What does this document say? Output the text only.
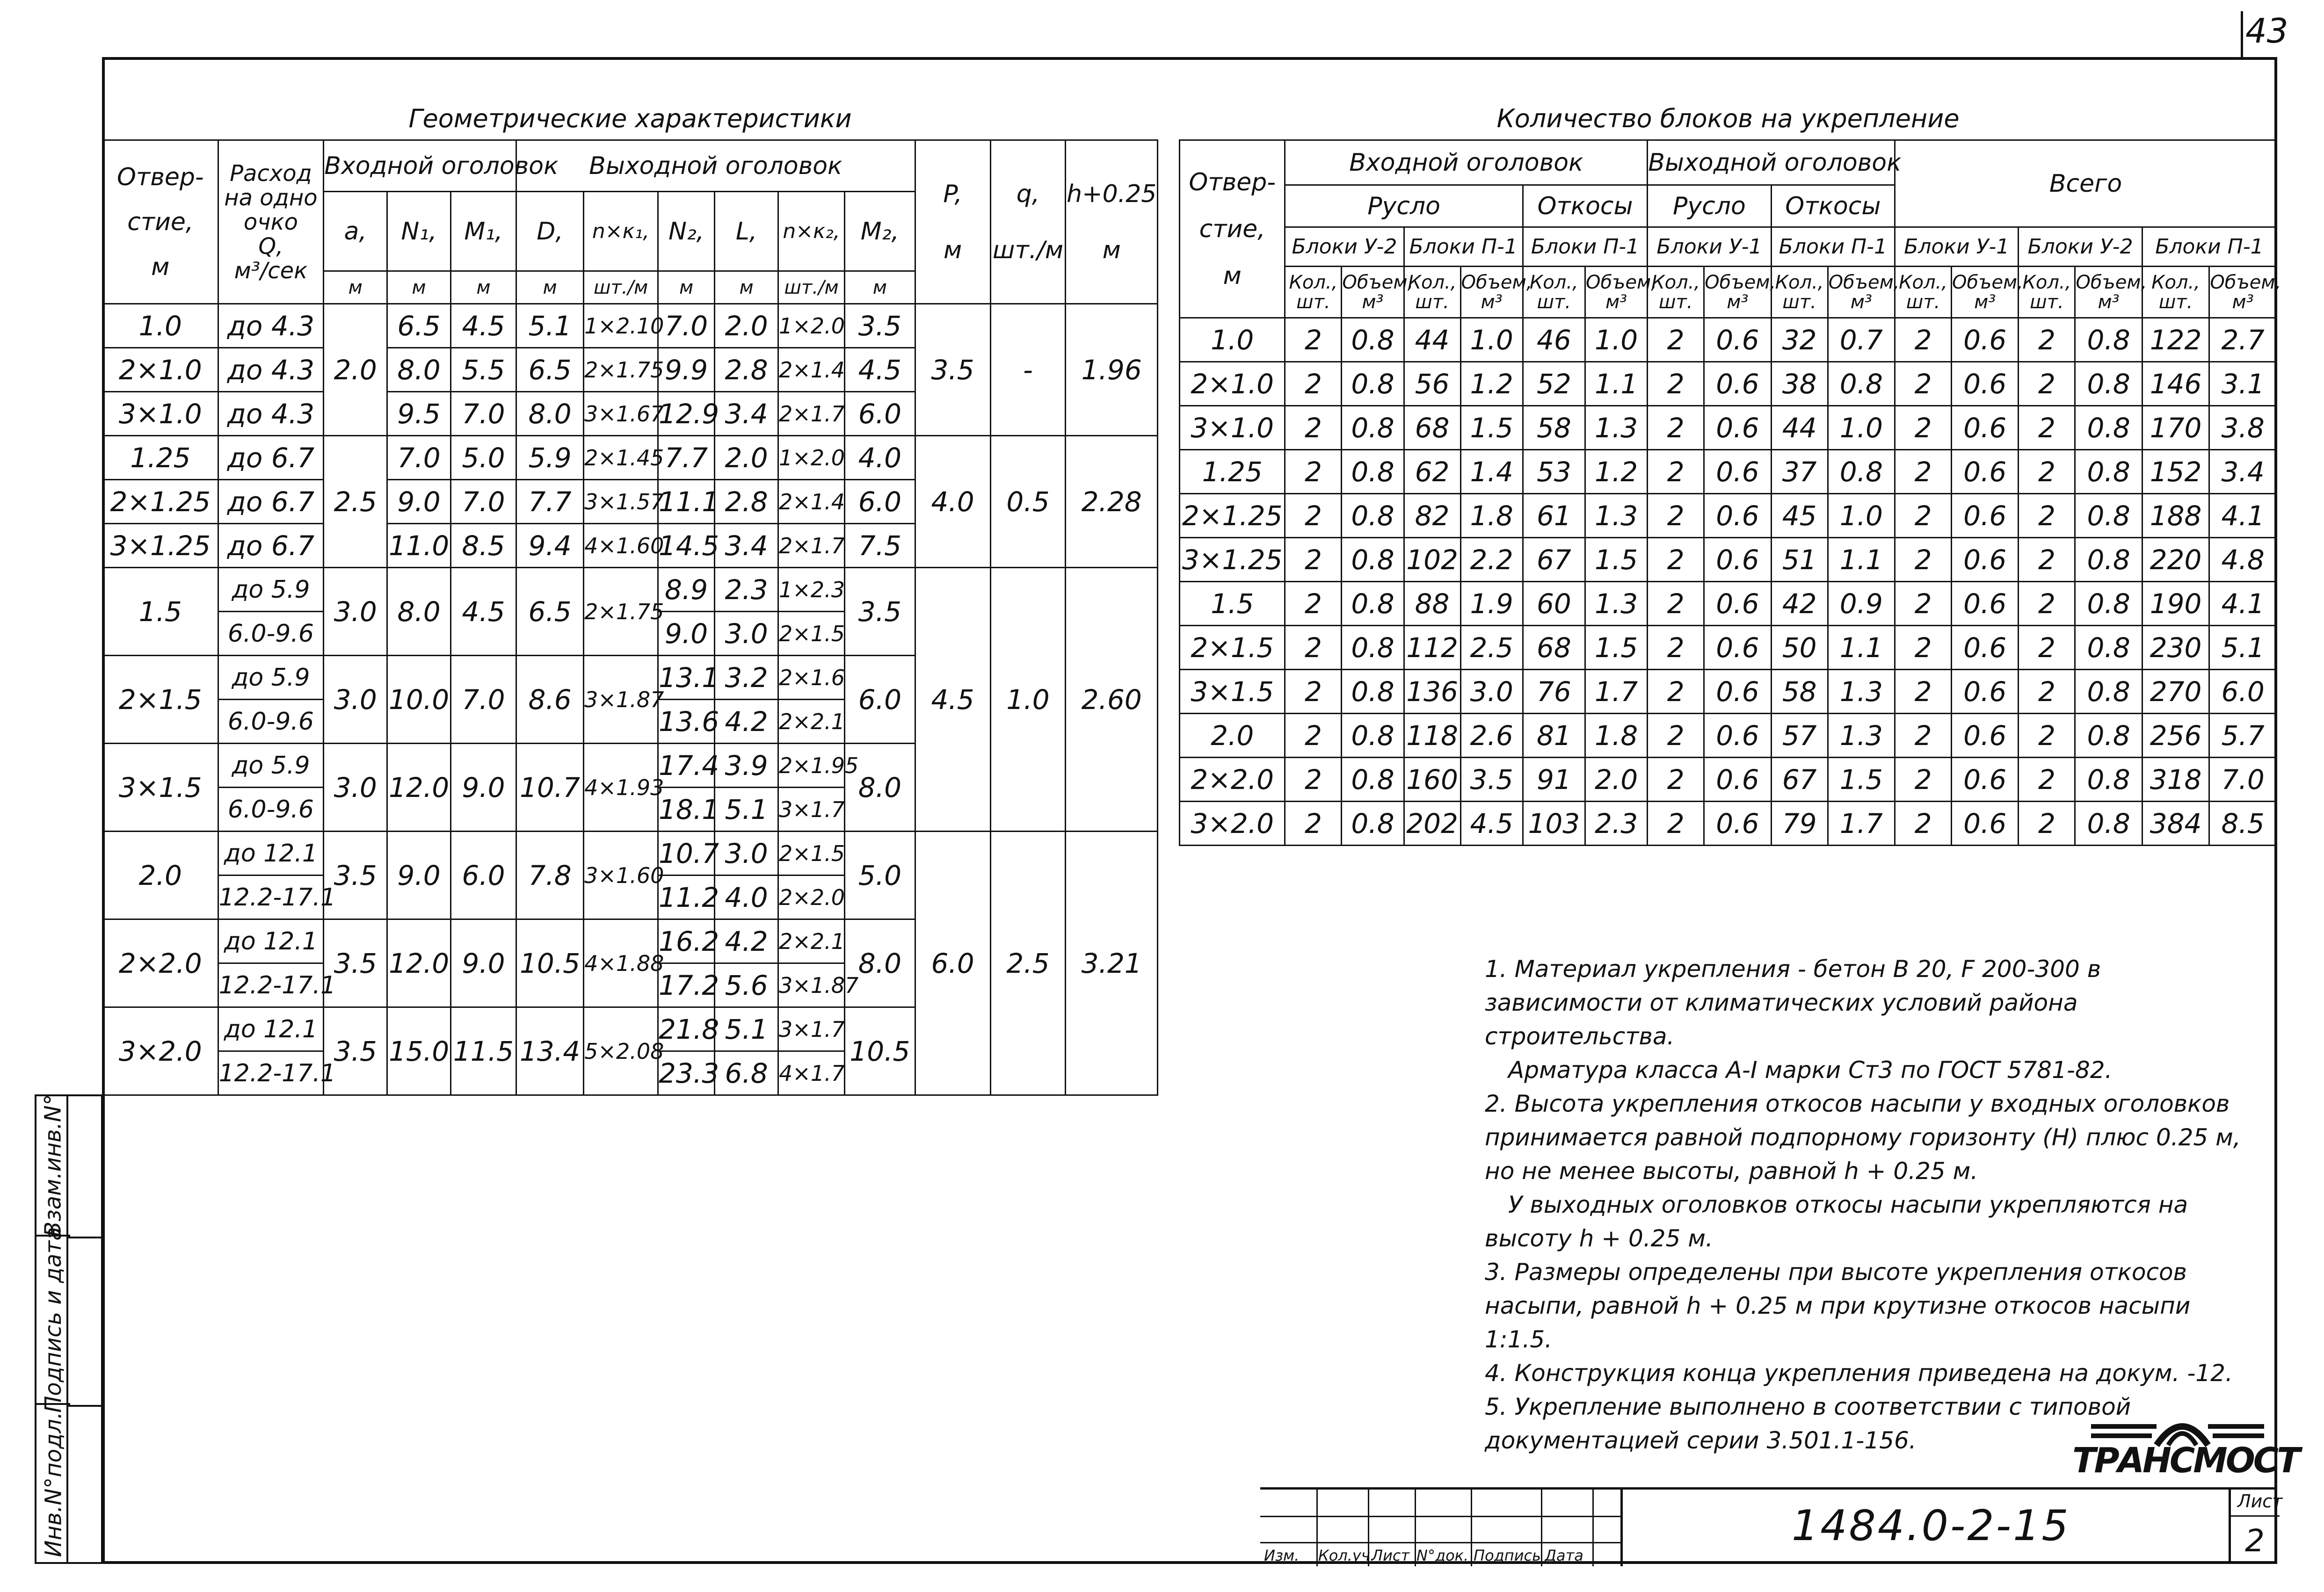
43
Геометрические характеристики
Отвер-
стие,
м	Расход
на одно
очко
Q,
м³/сек	Входной оголовок			Выходной оголовок						P,

м	q,

шт./м	h+0.25

м
		a,	N₁,	M₁,	D,	n×κ₁,	N₂,	L,	n×κ₂,	M₂,			
		м	м	м	м	шт./м	м	м	шт./м	м			
1.0	до 4.3	2.0	6.5	4.5	5.1	1×2.10	7.0	2.0	1×2.0	3.5	3.5	-	1.96
2×1.0	до 4.3		8.0	5.5	6.5	2×1.75	9.9	2.8	2×1.4	4.5			
3×1.0	до 4.3		9.5	7.0	8.0	3×1.67	12.9	3.4	2×1.7	6.0			
1.25	до 6.7	2.5	7.0	5.0	5.9	2×1.45	7.7	2.0	1×2.0	4.0	4.0	0.5	2.28
2×1.25	до 6.7		9.0	7.0	7.7	3×1.57	11.1	2.8	2×1.4	6.0			
3×1.25	до 6.7		11.0	8.5	9.4	4×1.60	14.5	3.4	2×1.7	7.5			
1.5	до 5.9	3.0	8.0	4.5	6.5	2×1.75	8.9	2.3	1×2.3	3.5	4.5	1.0	2.60
	6.0-9.6						9.0	3.0	2×1.5				
2×1.5	до 5.9	3.0	10.0	7.0	8.6	3×1.87	13.1	3.2	2×1.6	6.0			
	6.0-9.6						13.6	4.2	2×2.1				
3×1.5	до 5.9	3.0	12.0	9.0	10.7	4×1.93	17.4	3.9	2×1.95	8.0			
	6.0-9.6						18.1	5.1	3×1.7				
2.0	до 12.1	3.5	9.0	6.0	7.8	3×1.60	10.7	3.0	2×1.5	5.0	6.0	2.5	3.21
	12.2-17.1						11.2	4.0	2×2.0				
2×2.0	до 12.1	3.5	12.0	9.0	10.5	4×1.88	16.2	4.2	2×2.1	8.0			
	12.2-17.1						17.2	5.6	3×1.87				
3×2.0	до 12.1	3.5	15.0	11.5	13.4	5×2.08	21.8	5.1	3×1.7	10.5			
	12.2-17.1						23.3	6.8	4×1.7				
Количество блоков на укрепление
Отвер-
стие,
м	Входной оголовок						Выходной оголовок				Всего					
	Русло				Откосы		Русло		Откосы							
	Блоки У-2		Блоки П-1		Блоки П-1		Блоки У-1		Блоки П-1		Блоки У-1		Блоки У-2		Блоки П-1	
	Кол., шт.	Объем, м³	Кол., шт.	Объем, м³	Кол., шт.	Объем, м³	Кол., шт.	Объем, м³	Кол., шт.	Объем, м³	Кол., шт.	Объем, м³	Кол., шт.	Объем, м³	Кол., шт.	Объем, м³
1.0	2	0.8	44	1.0	46	1.0	2	0.6	32	0.7	2	0.6	2	0.8	122	2.7
2×1.0	2	0.8	56	1.2	52	1.1	2	0.6	38	0.8	2	0.6	2	0.8	146	3.1
3×1.0	2	0.8	68	1.5	58	1.3	2	0.6	44	1.0	2	0.6	2	0.8	170	3.8
1.25	2	0.8	62	1.4	53	1.2	2	0.6	37	0.8	2	0.6	2	0.8	152	3.4
2×1.25	2	0.8	82	1.8	61	1.3	2	0.6	45	1.0	2	0.6	2	0.8	188	4.1
3×1.25	2	0.8	102	2.2	67	1.5	2	0.6	51	1.1	2	0.6	2	0.8	220	4.8
1.5	2	0.8	88	1.9	60	1.3	2	0.6	42	0.9	2	0.6	2	0.8	190	4.1
2×1.5	2	0.8	112	2.5	68	1.5	2	0.6	50	1.1	2	0.6	2	0.8	230	5.1
3×1.5	2	0.8	136	3.0	76	1.7	2	0.6	58	1.3	2	0.6	2	0.8	270	6.0
2.0	2	0.8	118	2.6	81	1.8	2	0.6	57	1.3	2	0.6	2	0.8	256	5.7
2×2.0	2	0.8	160	3.5	91	2.0	2	0.6	67	1.5	2	0.6	2	0.8	318	7.0
3×2.0	2	0.8	202	4.5	103	2.3	2	0.6	79	1.7	2	0.6	2	0.8	384	8.5

1. Материал укрепления - бетон В 20, F 200-300 в зависимости от климатических условий района строительства.

Арматура класса А-I марки Ст3 по ГОСТ 5781-82.

2. Высота укрепления откосов насыпи у входных оголовков принимается равной подпорному горизонту (Н) плюс 0.25 м, но не менее высоты, равной h + 0.25 м.

У выходных оголовков откосы насыпи укрепляются на высоту h + 0.25 м.

3. Размеры определены при высоте укрепления откосов насыпи, равной h + 0.25 м при крутизне откосов насыпи 1:1.5.

4. Конструкция конца укрепления приведена на докум. -12.

5. Укрепление выполнено в соответствии с типовой документацией серии 3.501.1-156.	ТРАНСМОСТ
Взам.инв.N°
Подпись и дата
Инв.N°подл.	Изм. Кол.уч.
Лист N°док. Подпись Дата
1484.0-2-15	Лист
2
